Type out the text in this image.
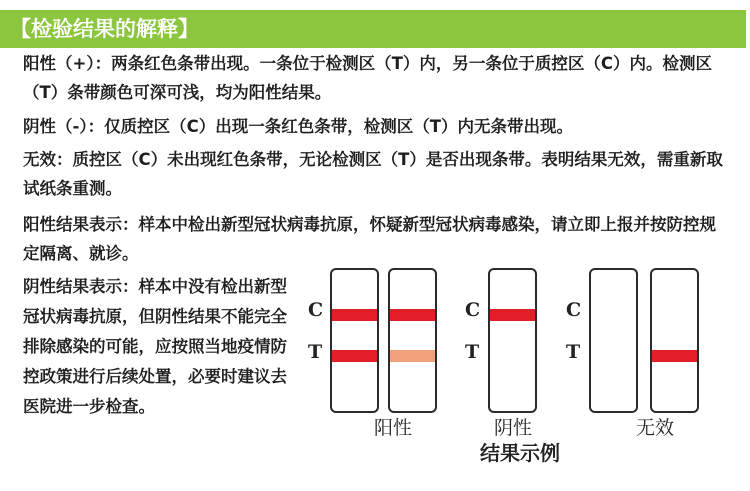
【检验结果的解释】
阳性（+）：两条红色条带出现。一条位于检测区（T）内，另一条位于质控区（C）内。检测区（T）条带颜色可深可浅，均为阳性结果。
阴性（-）：仅质控区（C）出现一条红色条带，检测区（T）内无条带出现。
无效：质控区（C）未出现红色条带，无论检测区（T）是否出现条带。表明结果无效，需重新取试纸条重测。
阳性结果表示：样本中检出新型冠状病毒抗原，怀疑新型冠状病毒感染，请立即上报并按防控规定隔离、就诊。
阴性结果表示：样本中没有检出新型冠状病毒抗原，但阴性结果不能完全排除感染的可能，应按照当地疫情防控政策进行后续处置，必要时建议去医院进一步检查。
C
T
阳性
C
T
阴性
C
T
无效
结果示例
